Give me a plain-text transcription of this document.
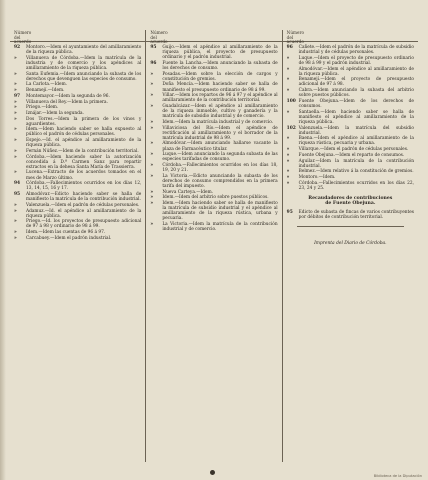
Número
del
acuerdo
92	Montoro.—Idem el ayuntamiento del amillaramiento de la riqueza pública.
»	Villanueva de Córdoba.—Idem la matrícula de la industria y de comercio y los apéndices al amillaramiento de la riqueza pública.
»	Santa Eufemia.—Idem anunciando la subasta de los derechos que devenguen las especies de consumo.
»	La Carlota.—Idem.
»	Benamejí.—Idem.
97	Montemayor.—Idem la segunda de 96.
»	Villanueva del Rey.—Idem la primera.
»	Priego.—Idem.
»	Iznájar.—Idem la segunda.
»	Dos Torres.—Idem la primera de los vinos y aguardientes.
»	Idem.—Idem haciendo saber se halla expuesto al público el padrón de cédulas personales.
»	Espejo.—Id. el apéndice al amillaramiento de la riqueza pública.
»	Fernán Núñez.—Idem de la contribución territorial.
»	Córdoba.—Idem haciendo saber la autorización concedida á D.ª Carmen Sanz para repartir extractos en la dehesa Santa María de Trassierra.
»	Lucena.—Extracto de los acuerdos tomados en el mes de Marzo último.
94	Córdoba.—Fallecimientos ocurridos en los días 12, 13, 14, 15, 16 y 17.
95	Almodóvar.—Edicto haciendo saber se halla de manifiesto la matrícula de la contribución industrial.
»	Valenzuela.—Idem el padrón de cédulas personales.
»	Adamuz.—Id. el apéndice al amillaramiento de la riqueza pública.
»	Priego.—Id. los proyectos de presupuesto adicional de 97 á 98 y ordinario de 98 á 99.
»	Idem.—Idem las cuentas de 96 á 97.
»	Carcabuey.—Idem el padrón industrial.
Número
del
acuerdo
95	Guijo.—Idem el apéndice al amillaramiento de la riqueza pública, el proyecto de presupuesto ordinario y el padrón industrial.
96	Fuente la Lancha.—Idem anunciando la subasta de los derechos de consumo.
»	Posadas.—Idem sobre la elección de cargos y constitución de gremios.
»	Doña Mencía.—Idem haciendo saber se halla de manifiesto el presupuesto ordinario de 98 á 99.
»	Villar.—Idem los repartos de 96 á 97 y el apéndice al amillaramiento de la contribución territorial.
»	Guadalcázar.—Idem el apéndice al amillaramiento de la riqueza inmueble, cultivo y ganadería y la matrícula de subsidio industrial y de comercio.
»	Idem.—Idem la matrícula industrial y de comercio.
»	Villaviciosa del Río.—Idem el apéndice de rectificación al amillaramiento y el borrador de la matrícula industrial de 98 á 99.
»	Almodóvar.—Idem anunciando hallarse vacante la plaza de Farmacéutico titular.
»	Luque.—Idem anunciando la segunda subasta de las especies tarifadas de consumo.
»	Córdoba.—Fallecimientos ocurridos en los días 18, 19, 20 y 21.
»	La Victoria.—Edicto anunciando la subasta de los derechos de consumo comprendidos en la primera tarifa del impuesto.
»	Nueva Carteya.—Idem.
»	Idem.—Idem del arbitrio sobre puestos públicos.
»	Idem.—Idem haciendo saber se halla de manifiesto la matrícula de subsidio industrial y el apéndice al amillaramiento de la riqueza rústica, urbana y pecuaria.
»	La Victoria.—Idem la matrícula de la contribución industrial y de comercio.
Número
del
acuerdo
96	Cañete.—Idem el padrón de la matrícula de subsidio industrial y de cédulas personales.
»	Luque.—Idem el proyecto de presupuesto ordinario de 98 á 99 y el padrón industrial.
»	Almodóvar.—Idem el apéndice al amillaramiento de la riqueza pública.
»	Benamejí.—Idem el proyecto de presupuesto adicional de 97 á 98.
»	Cabra.—Idem anunciando la subasta del arbitrio sobre puestos públicos.
100 Fuente Obejuna.—Idem de los derechos de consumos.
»	Santaella.—Idem haciendo saber se halla de manifiesto el apéndice al amillaramiento de la riqueza pública.
102 Valenzuela.—Idem la matrícula del subsidio industrial.
»	Baena.—Idem el apéndice al amillaramiento de la riqueza rústica, pecuaria y urbana.
»	Villarque.—Idem el padrón de cédulas personales.
»	Fuente Obejuna.—Idem el reparto de consumos.
»	Aguilar.—Idem la matrícula de la contribución industrial.
»	Belmez.—Idem relativo á la constitución de gremios.
»	Montoro.—Idem.
»	Córdoba.—Fallecimientos ocurridos en los días 22, 23, 24 y 25.
Recaudadores de contribuciones
de Fuente Obejuna.
95	Edicto de subasta de fincas de varios contribuyentes por débitos de contribución territorial.
Imprenta del Diario de Córdoba.
Biblioteca de la Diputación
